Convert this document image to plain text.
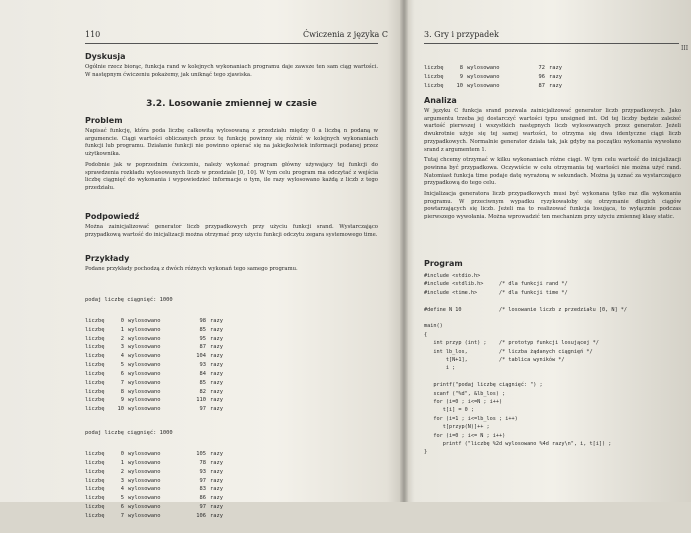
110	Ćwiczenia z języka C

Dyskusja

Ogólnie rzecz biorąc, funkcja rand w kolejnych wykonaniach programu daje zawsze ten sam ciąg wartości. W następnym ćwiczeniu pokażemy, jak uniknąć tego zjawiska.

3.2. Losowanie zmiennej w czasie

Problem

Napisać funkcję, która poda liczbę całkowitą wylosowaną z przedziału między 0 a liczbą n podaną w argumencie. Ciągi wartości obliczanych przez tę funkcję powinny się różnić w kolejnych wykonaniach funkcji lub programu. Działanie funkcji nie powinno opierać się na jakiejkolwiek informacji podanej przez użytkownika.

Podobnie jak w poprzednim ćwiczeniu, należy wykonać program główny używający tej funkcji do sprawdzenia rozkładu wylosowanych liczb w przedziale [0, 10]. W tym celu program ma odczytać z wejścia liczbę ciągnięć do wykonania i wypowiedzieć informacje o tym, ile razy wylosowano każdą z liczb z tego przedziału.

Podpowiedź

Można zainicjalizować generator liczb przypadkowych przy użyciu funkcji srand. Wystarczająco przypadkową wartość do inicjalizacji można otrzymać przy użyciu funkcji odczytu zegara systemowego time.

Przykłady

Podane przykłady pochodzą z dwóch różnych wykonań tego samego programu.

podaj liczbę ciągnięć: 1000

liczbę	0 wylosowano	98 razy
liczbę	1 wylosowano	85 razy
liczbę	2 wylosowano	95 razy
liczbę	3 wylosowano	87 razy
liczbę	4 wylosowano	104 razy
liczbę	5 wylosowano	93 razy
liczbę	6 wylosowano	84 razy
liczbę	7 wylosowano	85 razy
liczbę	8 wylosowano	82 razy
liczbę	9 wylosowano	110 razy
liczbę	10 wylosowano	97 razy

podaj liczbę ciągnięć: 1000

liczbę	0 wylosowano	105 razy
liczbę	1 wylosowano	78 razy
liczbę	2 wylosowano	93 razy
liczbę	3 wylosowano	97 razy
liczbę	4 wylosowano	83 razy
liczbę	5 wylosowano	86 razy
liczbę	6 wylosowano	97 razy
liczbę	7 wylosowano	106 razy

3. Gry i przypadek
III

liczbę	8 wylosowano	72 razy
liczbę	9 wylosowano	96 razy
liczbę	10 wylosowano	87 razy

Analiza

W języku C funkcja srand pozwala zainicjalizować generator liczb przypadkowych. Jako argumentu trzeba jej dostarczyć wartości typu unsigned int. Od tej liczby będzie zależeć wartość pierwszej i wszystkich następnych liczb wylosowanych przez generator. Jeżeli dwukrotnie użyje się tej samej wartości, to otrzyma się dwa identyczne ciągi liczb przypadkowych. Normalnie generator działa tak, jak gdyby na początku wykonania wywołano srand z argumentem 1.

Tutaj chcemy otrzymać w kilku wykonaniach różne ciągi. W tym celu wartość do inicjalizacji powinna być przypadkowa. Oczywiście w celu otrzymania tej wartości nie można użyć rand. Natomiast funkcja time podaje datę wyrażoną w sekundach. Można ją uznać za wystarczająco przypadkową do tego celu.

Inicjalizacja generatora liczb przypadkowych musi być wykonana tylko raz dla wykonania programu. W przeciwnym wypadku ryzykowałoby się otrzymanie długich ciągów powtarzających się liczb. Jeżeli ma to realizować funkcja losująca, to wyłącznie podczas pierwszego wywołania. Można wprowadzić ten mechanizm przy użyciu zmiennej klasy static.

Program

#include <stdio.h>
#include <stdlib.h>     /* dla funkcji rand */
#include <time.h>       /* dla funkcji time */
#define N 10            /* losowanie liczb z przedziału [0, N] */
main()
{
int przyp (int) ;    /* prototyp funkcji losującej */
int lb_los,          /* liczba żądanych ciągnięń */
t[N+1],          /* tablica wyników */
i ;
printf("podaj liczbę ciągnięć: ") ;
scanf ("%d", &lb_los) ;
for (i=0 ; i<=N ; i++)
t[i] = 0 ;
for (i=1 ; i<=lb_los ; i++)
t[przyp(N)]++ ;
for (i=0 ; i<= N ; i++)
printf ("liczbę %2d wylosowano %4d razy\n", i, t[i]) ;
}
